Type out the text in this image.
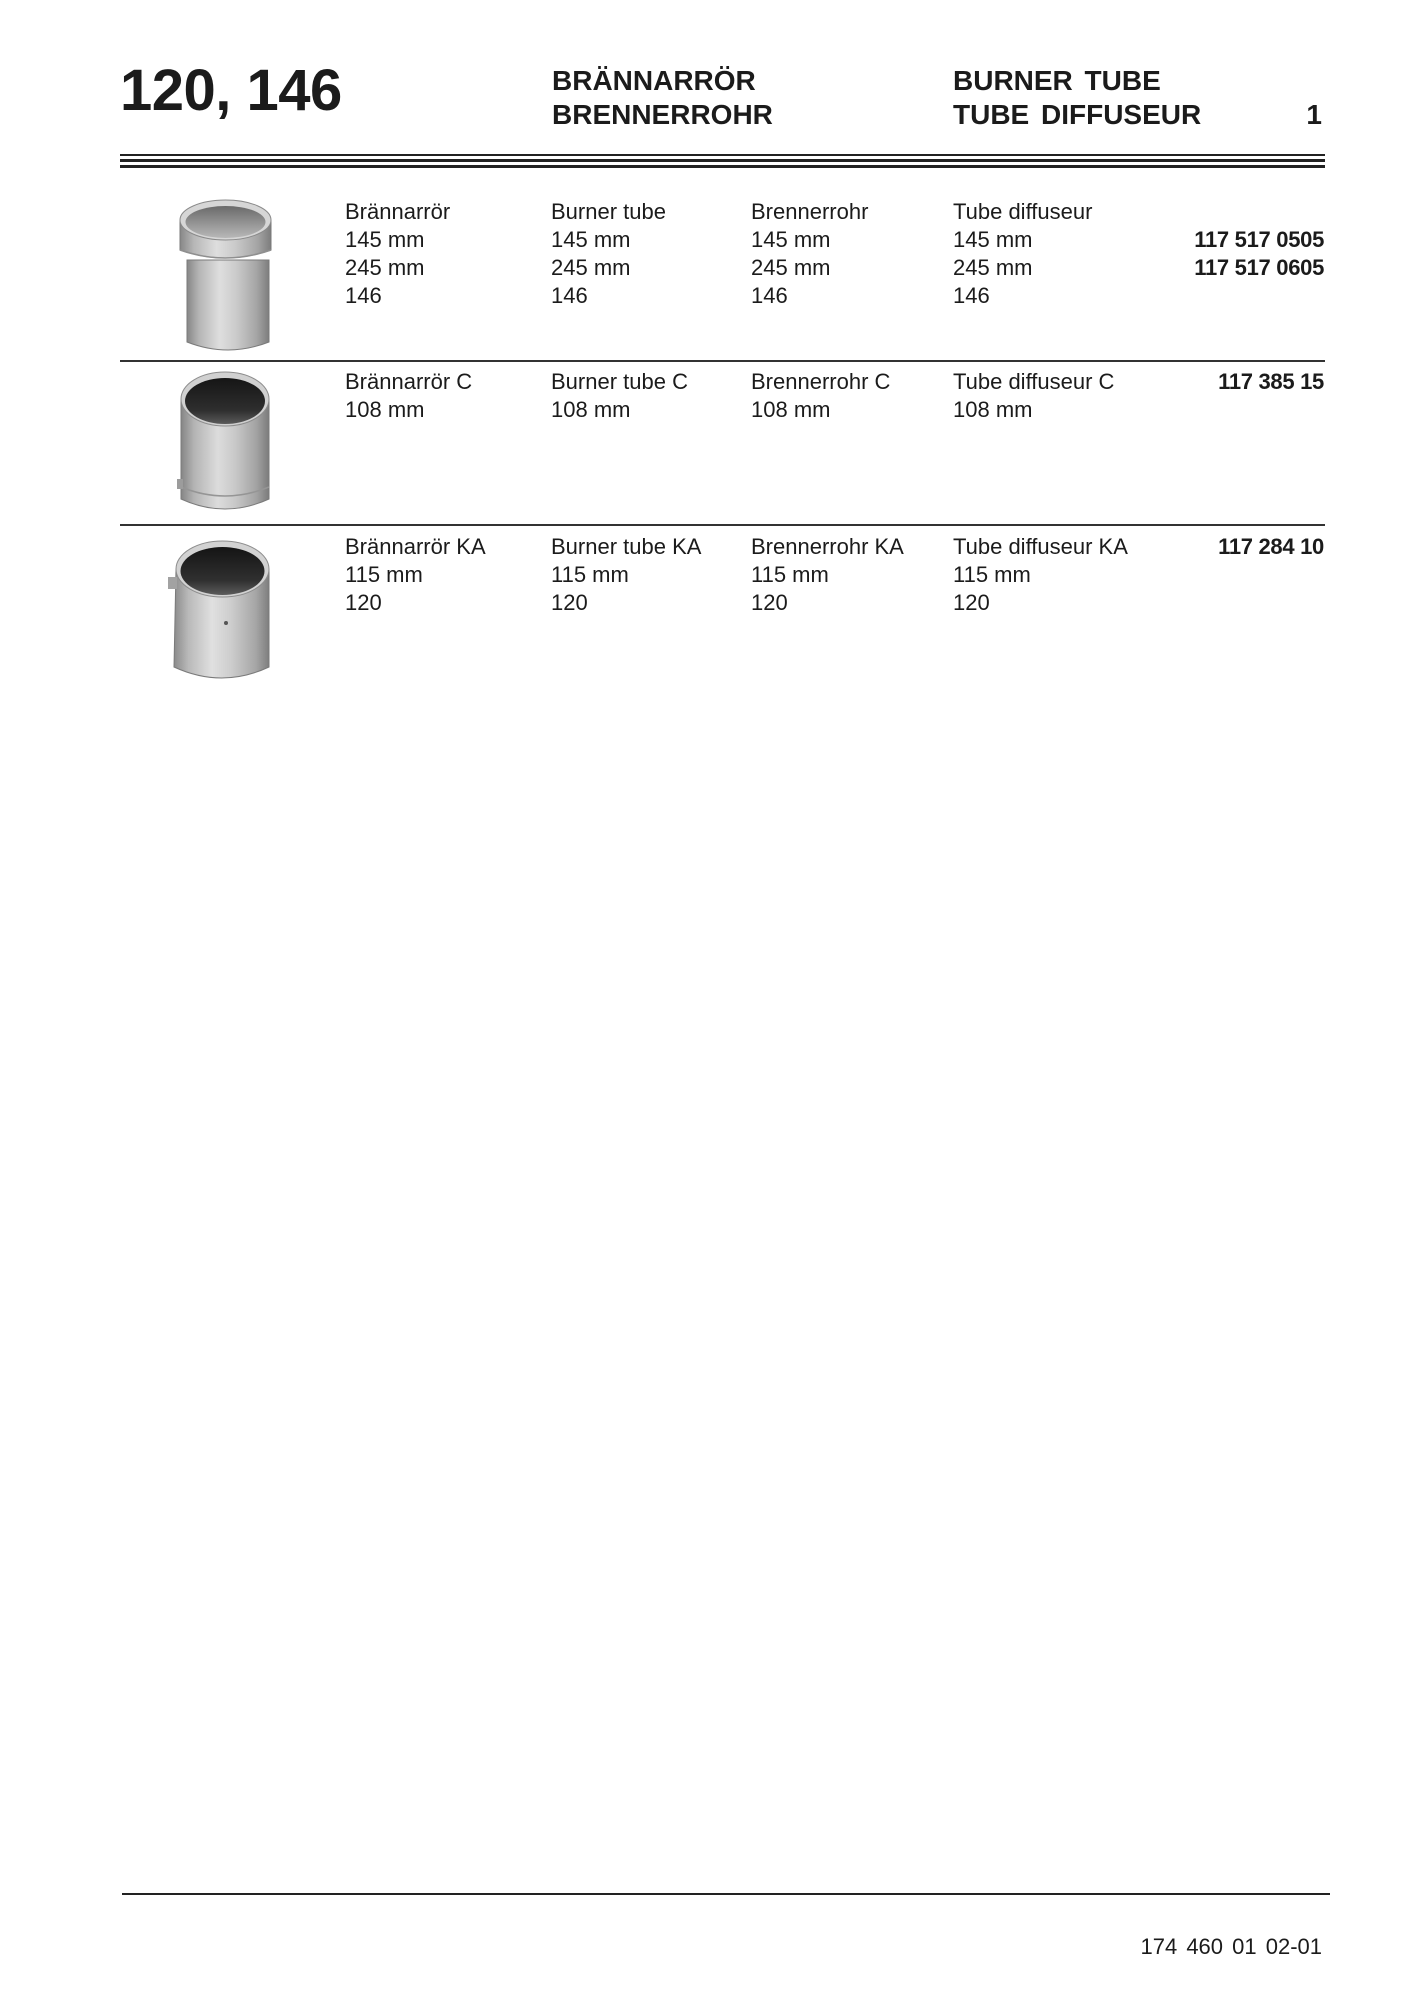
120, 146	BRÄNNARRÖR
BRENNERROHR
BURNER TUBE
TUBE DIFFUSEUR	1
Brännarrör
145 mm
245 mm
146
Burner tube
145 mm
245 mm
146
Brennerrohr
145 mm
245 mm
146
Tube diffuseur
145 mm
245 mm
146
117 517 0505
117 517 0605
Brännarrör C
108 mm
Burner tube C
108 mm
Brennerrohr C
108 mm
Tube diffuseur C
108 mm
117 385 15
Brännarrör KA
115 mm
120
Burner tube KA
115 mm
120
Brennerrohr KA
115 mm
120
Tube diffuseur KA
115 mm
120
117 284 10
174 460 01 02-01
